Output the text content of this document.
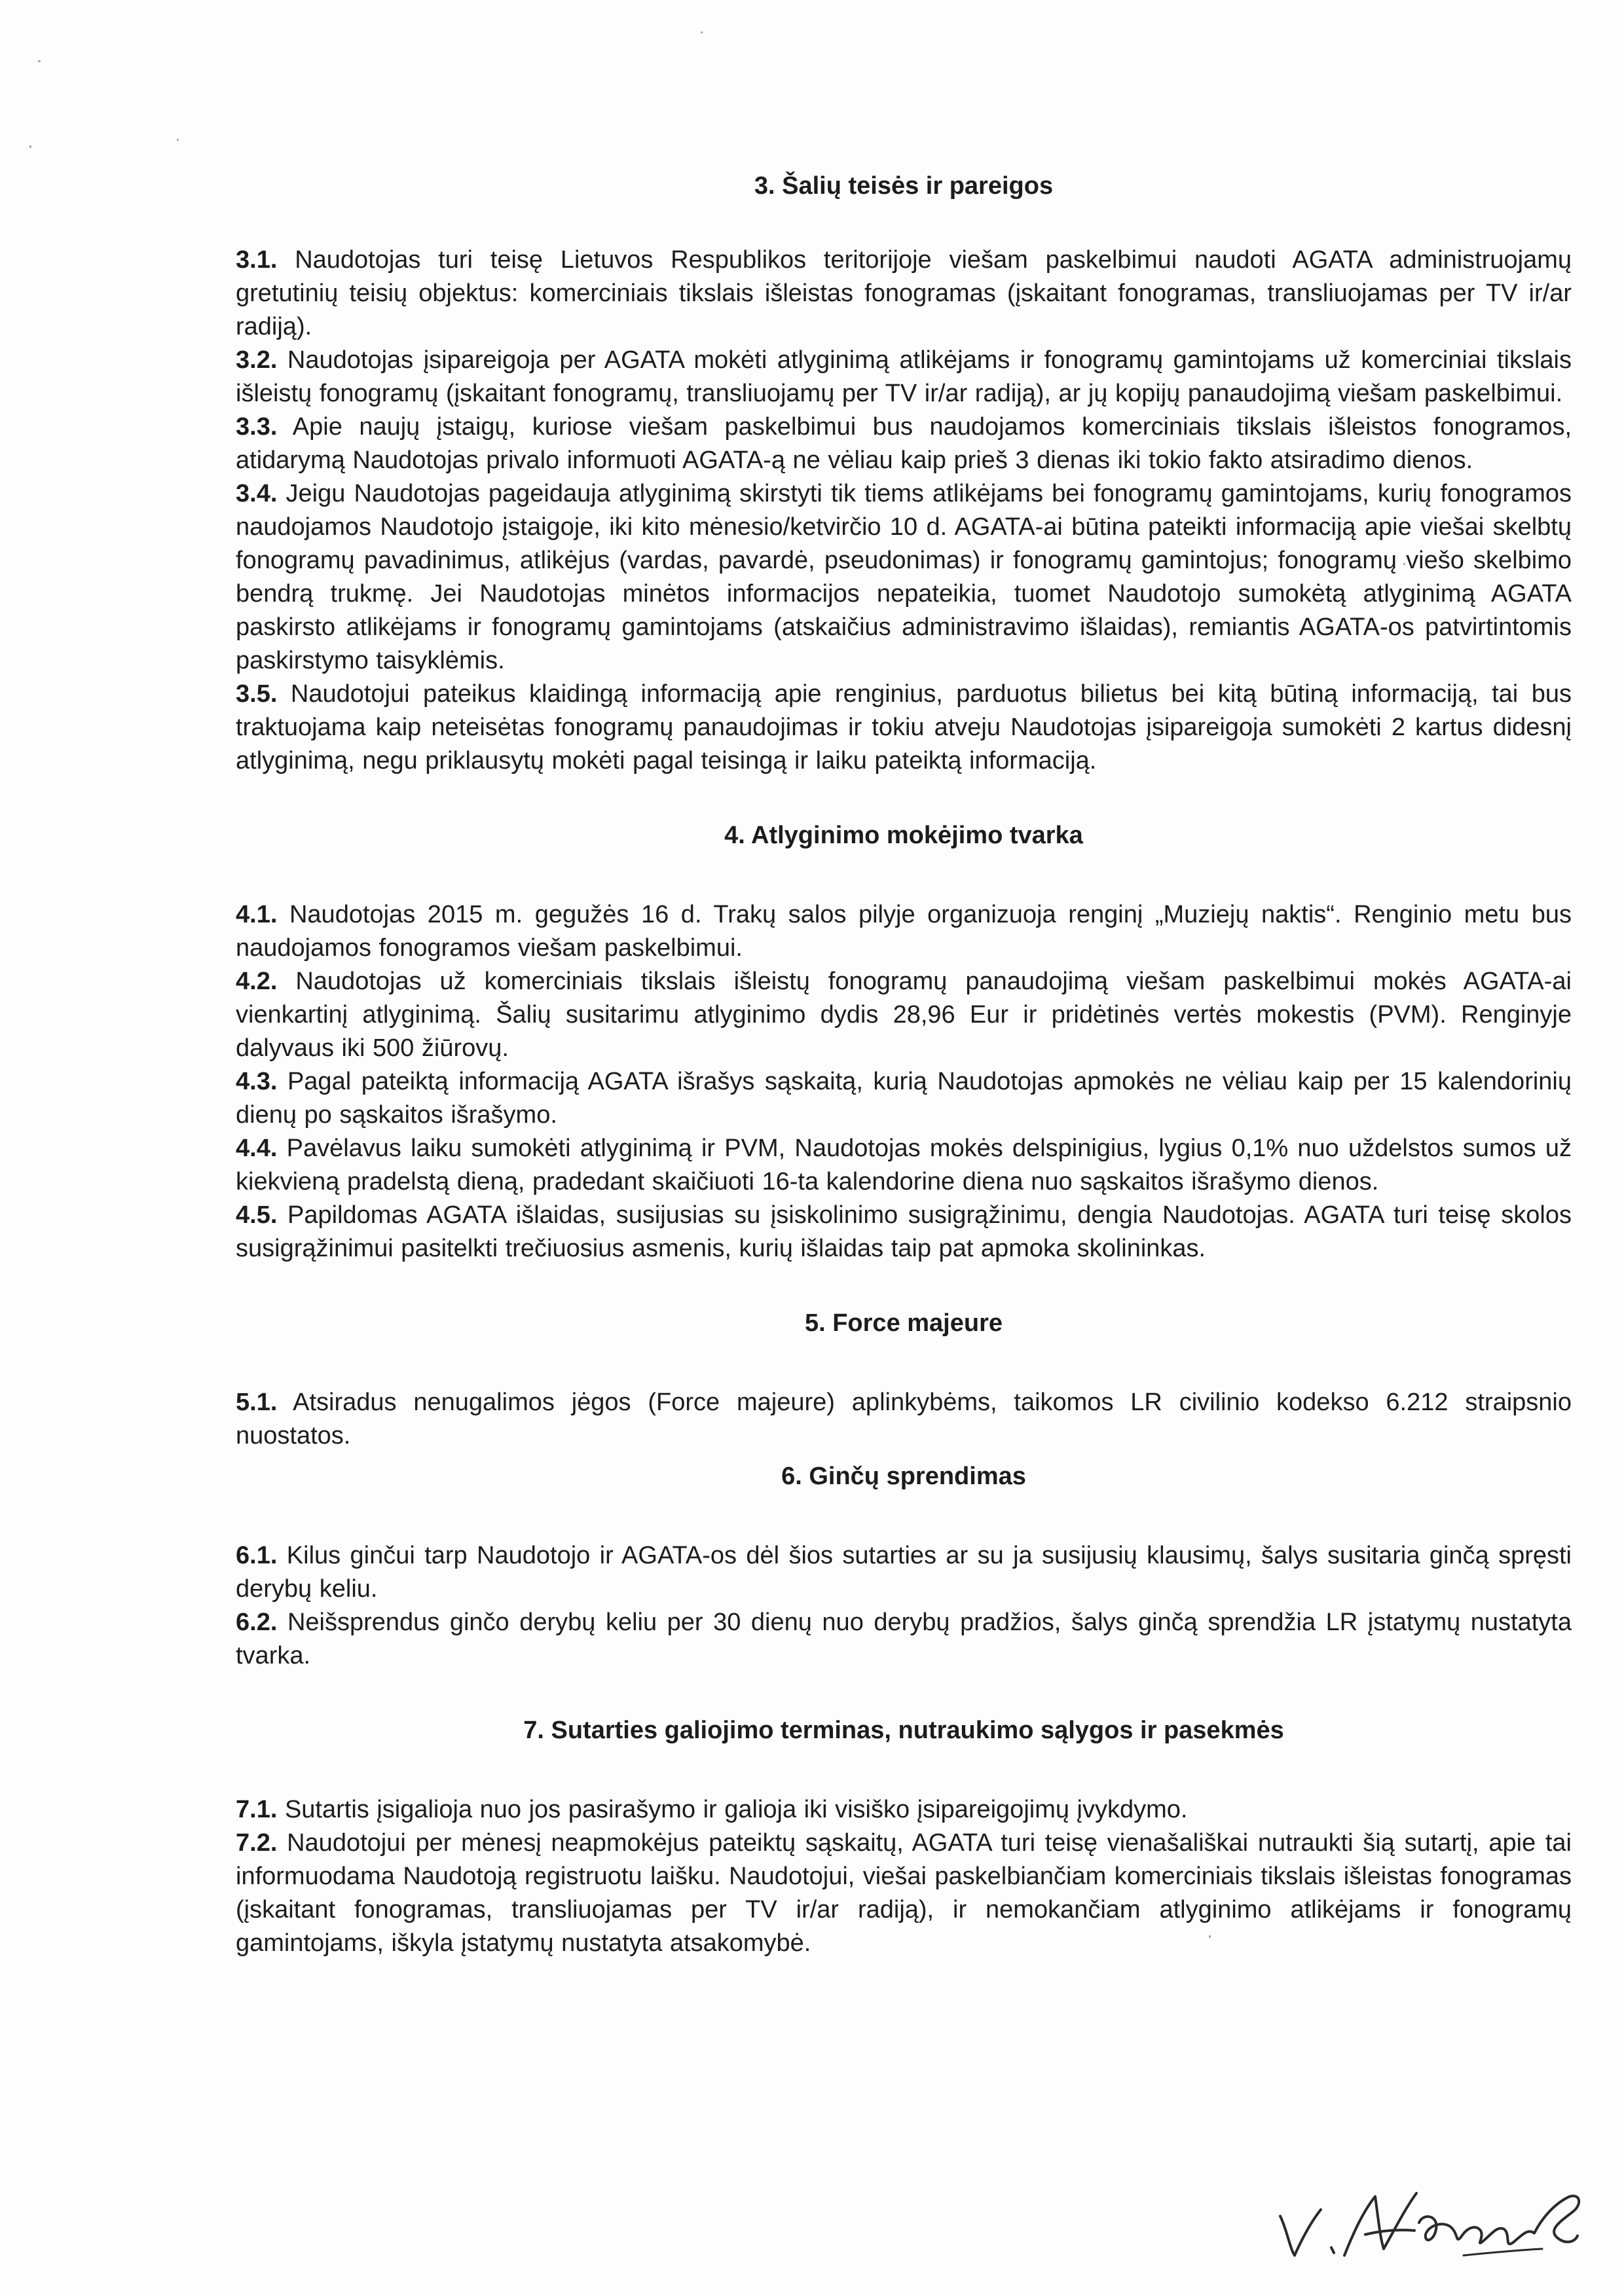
3. Šalių teisės ir pareigos

3.1. Naudotojas turi teisę Lietuvos Respublikos teritorijoje viešam paskelbimui naudoti AGATA administruojamų gretutinių teisių objektus: komerciniais tikslais išleistas fonogramas (įskaitant fonogramas, transliuojamas per TV ir/ar radiją).

3.2. Naudotojas įsipareigoja per AGATA mokėti atlyginimą atlikėjams ir fonogramų gamintojams už komerciniai tikslais išleistų fonogramų (įskaitant fonogramų, transliuojamų per TV ir/ar radiją), ar jų kopijų panaudojimą viešam paskelbimui.

3.3. Apie naujų įstaigų, kuriose viešam paskelbimui bus naudojamos komerciniais tikslais išleistos fonogramos, atidarymą Naudotojas privalo informuoti AGATA-ą ne vėliau kaip prieš 3 dienas iki tokio fakto atsiradimo dienos.

3.4. Jeigu Naudotojas pageidauja atlyginimą skirstyti tik tiems atlikėjams bei fonogramų gamintojams, kurių fonogramos naudojamos Naudotojo įstaigoje, iki kito mėnesio/ketvirčio 10 d. AGATA-ai būtina pateikti informaciją apie viešai skelbtų fonogramų pavadinimus, atlikėjus (vardas, pavardė, pseudonimas) ir fonogramų gamintojus; fonogramų viešo skelbimo bendrą trukmę. Jei Naudotojas minėtos informacijos nepateikia, tuomet Naudotojo sumokėtą atlyginimą AGATA paskirsto atlikėjams ir fonogramų gamintojams (atskaičius administravimo išlaidas), remiantis AGATA-os patvirtintomis paskirstymo taisyklėmis.

3.5. Naudotojui pateikus klaidingą informaciją apie renginius, parduotus bilietus bei kitą būtiną informaciją, tai bus traktuojama kaip neteisėtas fonogramų panaudojimas ir tokiu atveju Naudotojas įsipareigoja sumokėti 2 kartus didesnį atlyginimą, negu priklausytų mokėti pagal teisingą ir laiku pateiktą informaciją.

4. Atlyginimo mokėjimo tvarka

4.1. Naudotojas 2015 m. gegužės 16 d. Trakų salos pilyje organizuoja renginį „Muziejų naktis“. Renginio metu bus naudojamos fonogramos viešam paskelbimui.

4.2. Naudotojas už komerciniais tikslais išleistų fonogramų panaudojimą viešam paskelbimui mokės AGATA-ai vienkartinį atlyginimą. Šalių susitarimu atlyginimo dydis 28,96 Eur ir pridėtinės vertės mokestis (PVM). Renginyje dalyvaus iki 500 žiūrovų.

4.3. Pagal pateiktą informaciją AGATA išrašys sąskaitą, kurią Naudotojas apmokės ne vėliau kaip per 15 kalendorinių dienų po sąskaitos išrašymo.

4.4. Pavėlavus laiku sumokėti atlyginimą ir PVM, Naudotojas mokės delspinigius, lygius 0,1% nuo uždelstos sumos už kiekvieną pradelstą dieną, pradedant skaičiuoti 16-ta kalendorine diena nuo sąskaitos išrašymo dienos.

4.5. Papildomas AGATA išlaidas, susijusias su įsiskolinimo susigrąžinimu, dengia Naudotojas. AGATA turi teisę skolos susigrąžinimui pasitelkti trečiuosius asmenis, kurių išlaidas taip pat apmoka skolininkas.

5. Force majeure

5.1. Atsiradus nenugalimos jėgos (Force majeure) aplinkybėms, taikomos LR civilinio kodekso 6.212 straipsnio nuostatos.

6. Ginčų sprendimas

6.1. Kilus ginčui tarp Naudotojo ir AGATA-os dėl šios sutarties ar su ja susijusių klausimų, šalys susitaria ginčą spręsti derybų keliu.

6.2. Neišsprendus ginčo derybų keliu per 30 dienų nuo derybų pradžios, šalys ginčą sprendžia LR įstatymų nustatyta tvarka.

7. Sutarties galiojimo terminas, nutraukimo sąlygos ir pasekmės

7.1. Sutartis įsigalioja nuo jos pasirašymo ir galioja iki visiško įsipareigojimų įvykdymo.

7.2. Naudotojui per mėnesį neapmokėjus pateiktų sąskaitų, AGATA turi teisę vienašališkai nutraukti šią sutartį, apie tai informuodama Naudotoją registruotu laišku. Naudotojui, viešai paskelbiančiam komerciniais tikslais išleistas fonogramas (įskaitant fonogramas, transliuojamas per TV ir/ar radiją), ir nemokančiam atlyginimo atlikėjams ir fonogramų gamintojams, iškyla įstatymų nustatyta atsakomybė.
